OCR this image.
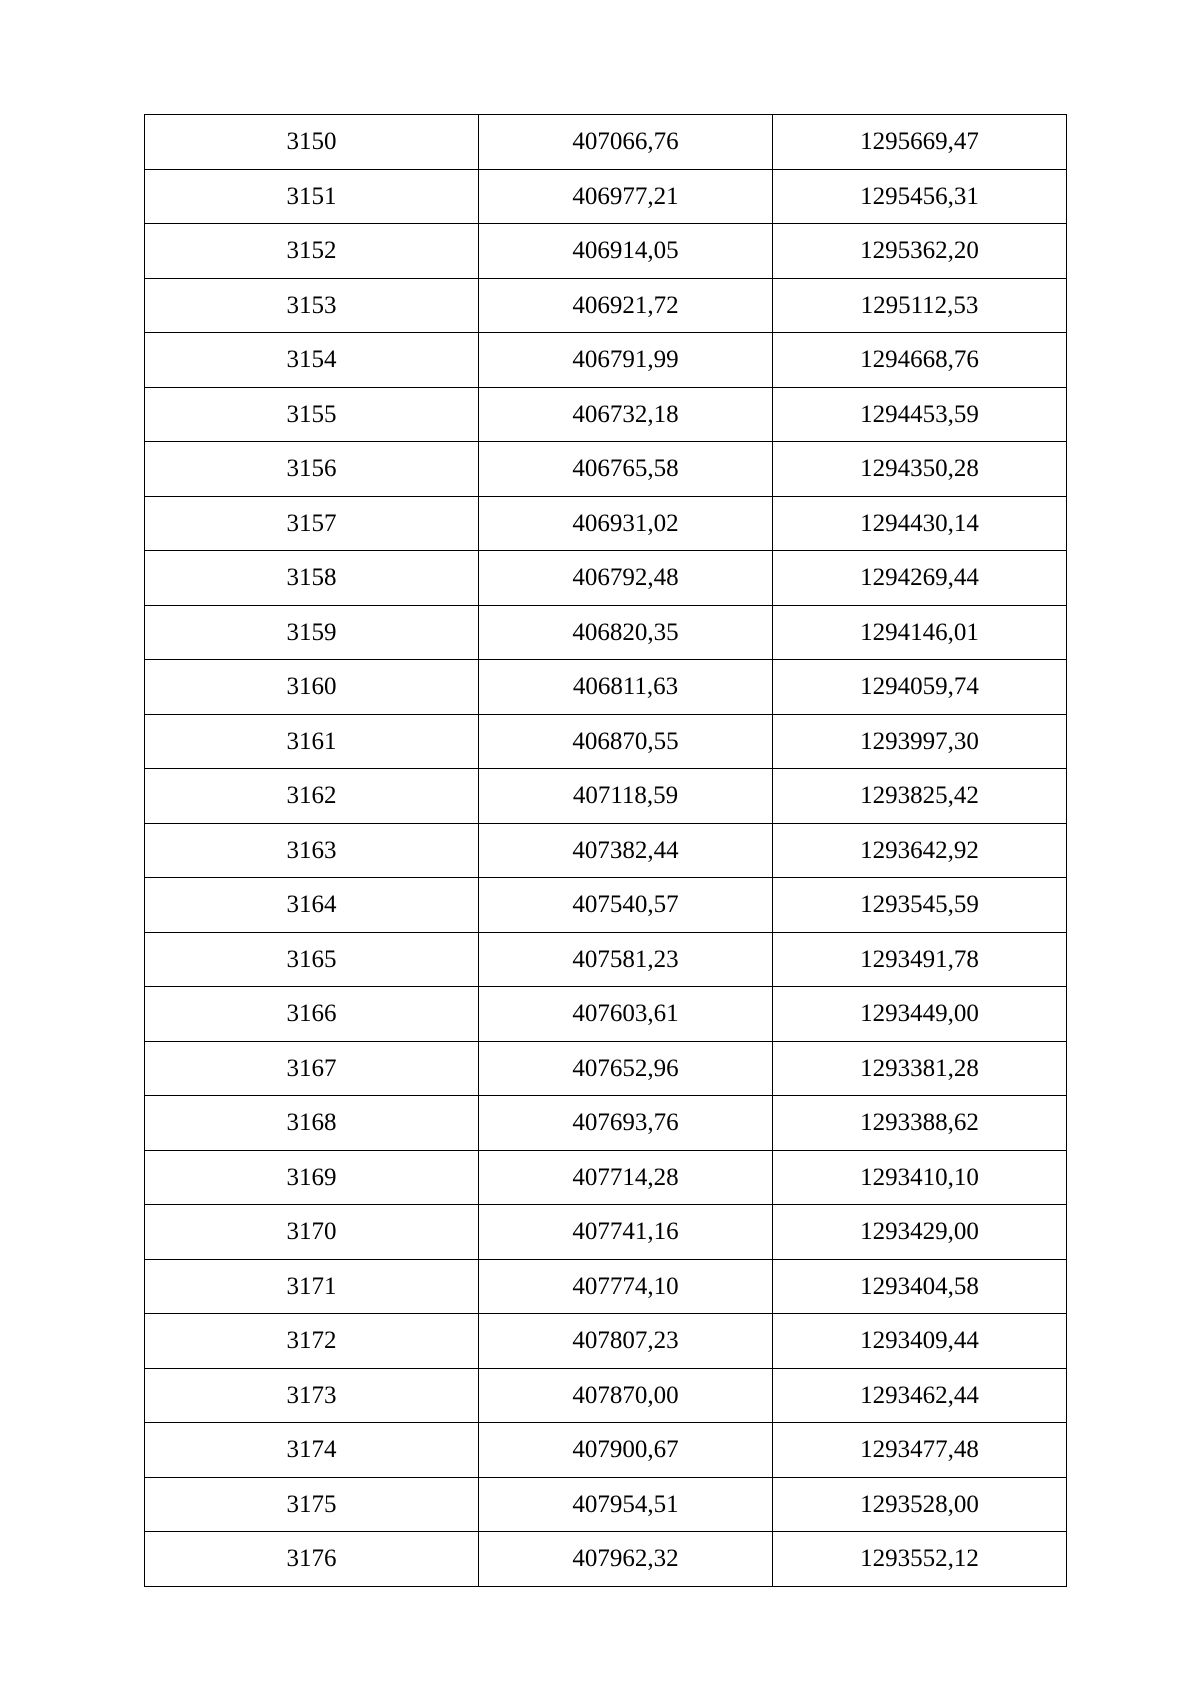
3150	407066,76	1295669,47
3151	406977,21	1295456,31
3152	406914,05	1295362,20
3153	406921,72	1295112,53
3154	406791,99	1294668,76
3155	406732,18	1294453,59
3156	406765,58	1294350,28
3157	406931,02	1294430,14
3158	406792,48	1294269,44
3159	406820,35	1294146,01
3160	406811,63	1294059,74
3161	406870,55	1293997,30
3162	407118,59	1293825,42
3163	407382,44	1293642,92
3164	407540,57	1293545,59
3165	407581,23	1293491,78
3166	407603,61	1293449,00
3167	407652,96	1293381,28
3168	407693,76	1293388,62
3169	407714,28	1293410,10
3170	407741,16	1293429,00
3171	407774,10	1293404,58
3172	407807,23	1293409,44
3173	407870,00	1293462,44
3174	407900,67	1293477,48
3175	407954,51	1293528,00
3176	407962,32	1293552,12
